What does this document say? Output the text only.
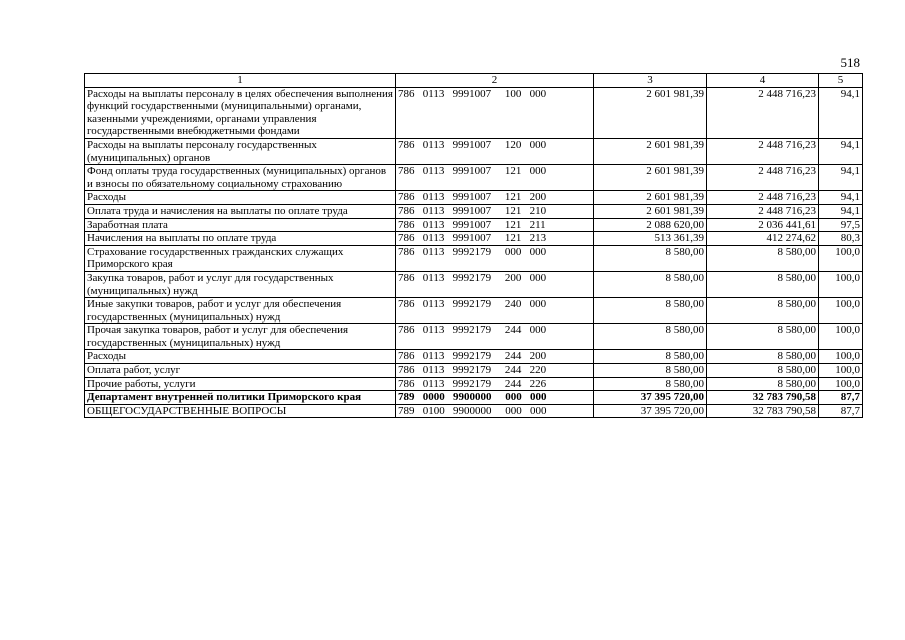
518
1	2	3	4	5
Расходы на выплаты персоналу в целях обеспечения выполнения функций государственными (муниципальными) органами, казенными учреждениями, органами управления государственными внебюджетными фондами	786   0113   9991007     100   000	2 601 981,39	2 448 716,23	94,1
Расходы на выплаты персоналу государственных (муниципальных) органов	786   0113   9991007     120   000	2 601 981,39	2 448 716,23	94,1
Фонд оплаты труда государственных (муниципальных) органов и взносы по обязательному социальному страхованию	786   0113   9991007     121   000	2 601 981,39	2 448 716,23	94,1
Расходы	786   0113   9991007     121   200	2 601 981,39	2 448 716,23	94,1
Оплата труда и начисления на выплаты по оплате труда	786   0113   9991007     121   210	2 601 981,39	2 448 716,23	94,1
Заработная плата	786   0113   9991007     121   211	2 088 620,00	2 036 441,61	97,5
Начисления на выплаты по оплате труда	786   0113   9991007     121   213	513 361,39	412 274,62	80,3
Страхование государственных гражданских служащих Приморского края	786   0113   9992179     000   000	8 580,00	8 580,00	100,0
Закупка товаров, работ и услуг для государственных (муниципальных) нужд	786   0113   9992179     200   000	8 580,00	8 580,00	100,0
Иные закупки товаров, работ и услуг для обеспечения государственных (муниципальных) нужд	786   0113   9992179     240   000	8 580,00	8 580,00	100,0
Прочая закупка товаров, работ и услуг для обеспечения государственных (муниципальных) нужд	786   0113   9992179     244   000	8 580,00	8 580,00	100,0
Расходы	786   0113   9992179     244   200	8 580,00	8 580,00	100,0
Оплата работ, услуг	786   0113   9992179     244   220	8 580,00	8 580,00	100,0
Прочие работы, услуги	786   0113   9992179     244   226	8 580,00	8 580,00	100,0
Департамент внутренней политики Приморского края	789   0000   9900000     000   000	37 395 720,00	32 783 790,58	87,7
ОБЩЕГОСУДАРСТВЕННЫЕ ВОПРОСЫ	789   0100   9900000     000   000	37 395 720,00	32 783 790,58	87,7
